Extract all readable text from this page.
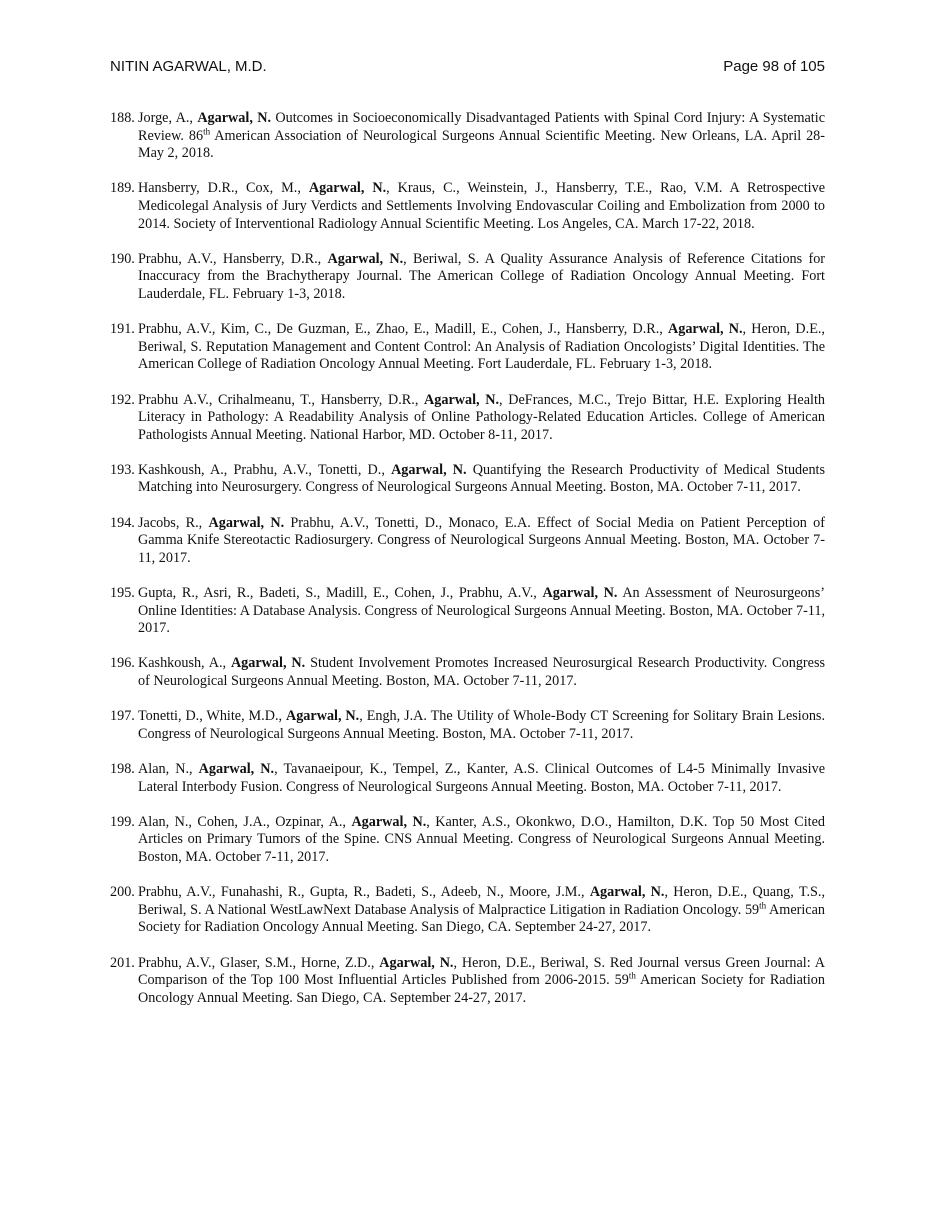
NITIN AGARWAL, M.D.	Page 98 of 105
188. Jorge, A., Agarwal, N. Outcomes in Socioeconomically Disadvantaged Patients with Spinal Cord Injury: A Systematic Review. 86th American Association of Neurological Surgeons Annual Scientific Meeting. New Orleans, LA. April 28-May 2, 2018.
189. Hansberry, D.R., Cox, M., Agarwal, N., Kraus, C., Weinstein, J., Hansberry, T.E., Rao, V.M. A Retrospective Medicolegal Analysis of Jury Verdicts and Settlements Involving Endovascular Coiling and Embolization from 2000 to 2014. Society of Interventional Radiology Annual Scientific Meeting. Los Angeles, CA. March 17-22, 2018.
190. Prabhu, A.V., Hansberry, D.R., Agarwal, N., Beriwal, S. A Quality Assurance Analysis of Reference Citations for Inaccuracy from the Brachytherapy Journal. The American College of Radiation Oncology Annual Meeting. Fort Lauderdale, FL. February 1-3, 2018.
191. Prabhu, A.V., Kim, C., De Guzman, E., Zhao, E., Madill, E., Cohen, J., Hansberry, D.R., Agarwal, N., Heron, D.E., Beriwal, S. Reputation Management and Content Control: An Analysis of Radiation Oncologists’ Digital Identities. The American College of Radiation Oncology Annual Meeting. Fort Lauderdale, FL. February 1-3, 2018.
192. Prabhu A.V., Crihalmeanu, T., Hansberry, D.R., Agarwal, N., DeFrances, M.C., Trejo Bittar, H.E. Exploring Health Literacy in Pathology: A Readability Analysis of Online Pathology-Related Education Articles. College of American Pathologists Annual Meeting. National Harbor, MD. October 8-11, 2017.
193. Kashkoush, A., Prabhu, A.V., Tonetti, D., Agarwal, N. Quantifying the Research Productivity of Medical Students Matching into Neurosurgery. Congress of Neurological Surgeons Annual Meeting. Boston, MA. October 7-11, 2017.
194. Jacobs, R., Agarwal, N. Prabhu, A.V., Tonetti, D., Monaco, E.A. Effect of Social Media on Patient Perception of Gamma Knife Stereotactic Radiosurgery. Congress of Neurological Surgeons Annual Meeting. Boston, MA. October 7-11, 2017.
195. Gupta, R., Asri, R., Badeti, S., Madill, E., Cohen, J., Prabhu, A.V., Agarwal, N. An Assessment of Neurosurgeons’ Online Identities: A Database Analysis. Congress of Neurological Surgeons Annual Meeting. Boston, MA. October 7-11, 2017.
196. Kashkoush, A., Agarwal, N. Student Involvement Promotes Increased Neurosurgical Research Productivity. Congress of Neurological Surgeons Annual Meeting. Boston, MA. October 7-11, 2017.
197. Tonetti, D., White, M.D., Agarwal, N., Engh, J.A. The Utility of Whole-Body CT Screening for Solitary Brain Lesions. Congress of Neurological Surgeons Annual Meeting. Boston, MA. October 7-11, 2017.
198. Alan, N., Agarwal, N., Tavanaeipour, K., Tempel, Z., Kanter, A.S. Clinical Outcomes of L4-5 Minimally Invasive Lateral Interbody Fusion. Congress of Neurological Surgeons Annual Meeting. Boston, MA. October 7-11, 2017.
199. Alan, N., Cohen, J.A., Ozpinar, A., Agarwal, N., Kanter, A.S., Okonkwo, D.O., Hamilton, D.K. Top 50 Most Cited Articles on Primary Tumors of the Spine. CNS Annual Meeting. Congress of Neurological Surgeons Annual Meeting. Boston, MA. October 7-11, 2017.
200. Prabhu, A.V., Funahashi, R., Gupta, R., Badeti, S., Adeeb, N., Moore, J.M., Agarwal, N., Heron, D.E., Quang, T.S., Beriwal, S. A National WestLawNext Database Analysis of Malpractice Litigation in Radiation Oncology. 59th American Society for Radiation Oncology Annual Meeting. San Diego, CA. September 24-27, 2017.
201. Prabhu, A.V., Glaser, S.M., Horne, Z.D., Agarwal, N., Heron, D.E., Beriwal, S. Red Journal versus Green Journal: A Comparison of the Top 100 Most Influential Articles Published from 2006-2015. 59th American Society for Radiation Oncology Annual Meeting. San Diego, CA. September 24-27, 2017.
